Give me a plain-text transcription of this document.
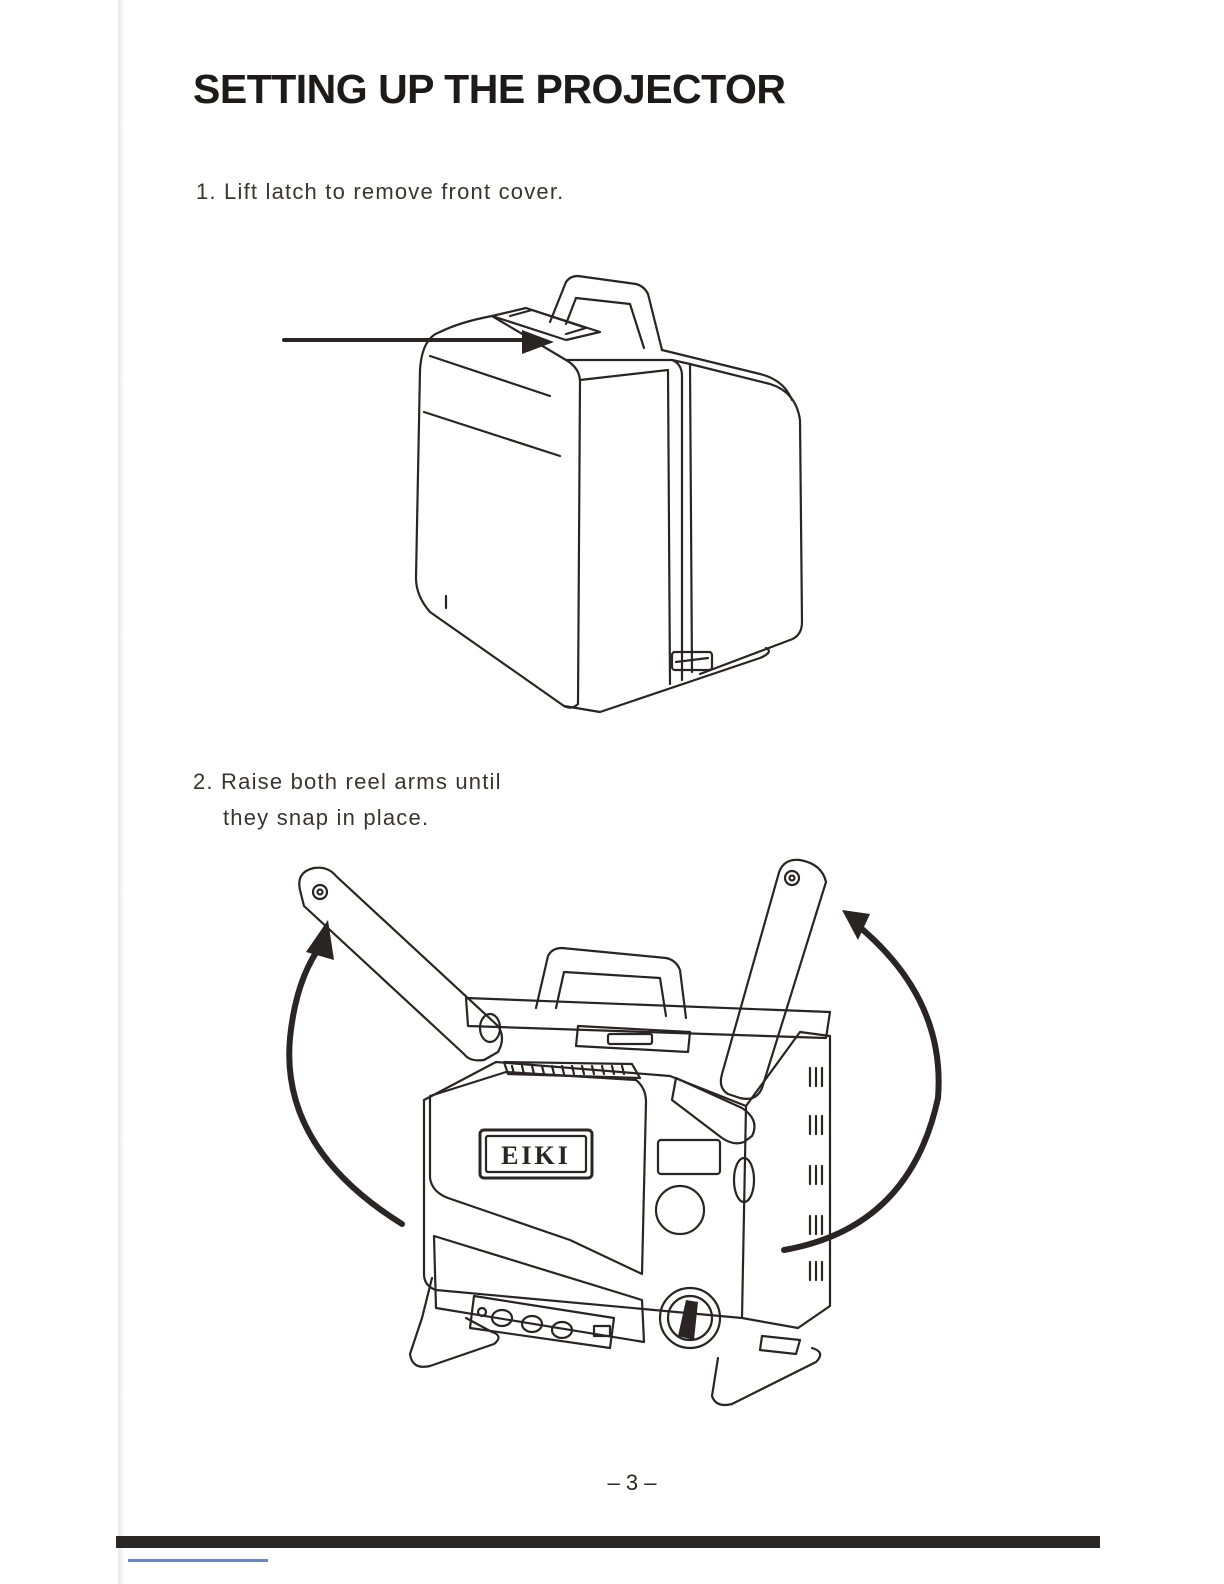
SETTING UP THE PROJECTOR

1. Lift latch to remove front cover.

2. Raise both reel arms until
they snap in place.

EIKI
– 3 –
